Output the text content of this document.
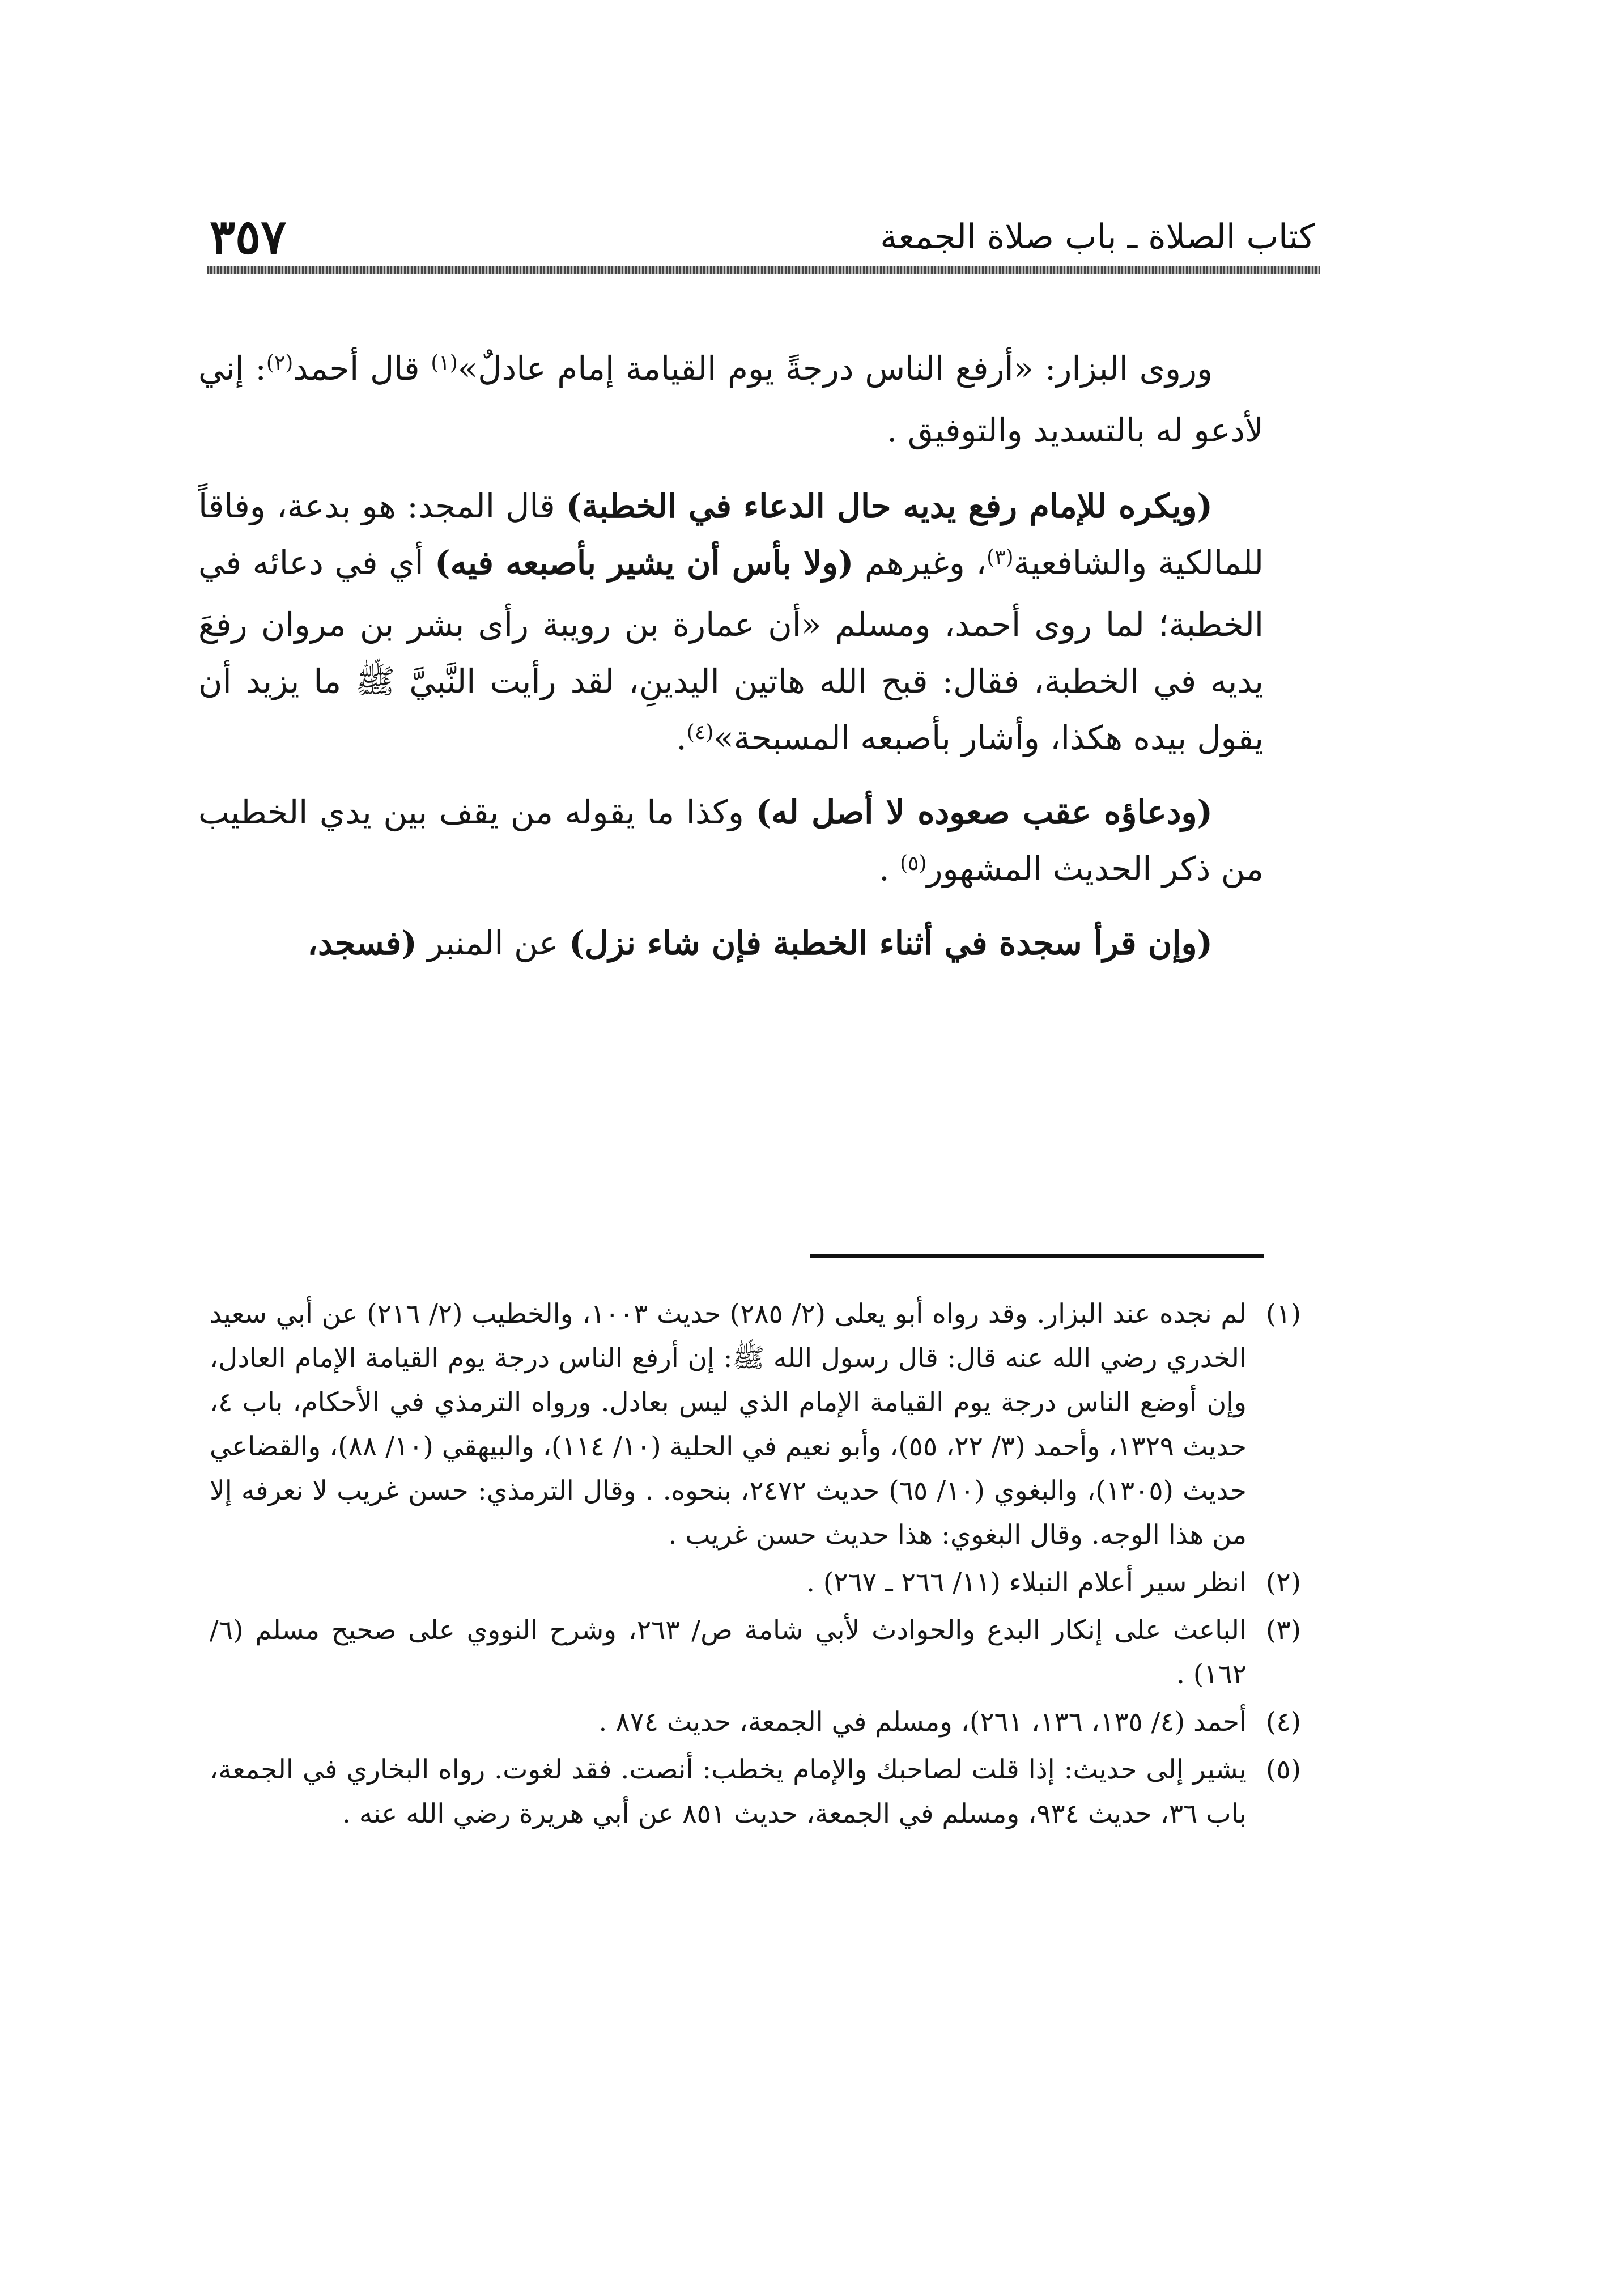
٣٥٧	كتاب الصلاة ـ باب صلاة الجمعة

وروى البزار: «أرفع الناس درجةً يوم القيامة إمام عادلٌ»$^{(١)}$ قال أحمد$^{(٢)}$: إني لأدعو له بالتسديد والتوفيق .

(ويكره للإمام رفع يديه حال الدعاء في الخطبة) قال المجد: هو بدعة، وفاقاً للمالكية والشافعية$^{(٣)}$، وغيرهم (ولا بأس أن يشير بأصبعه فيه) أي في دعائه في الخطبة؛ لما روى أحمد، ومسلم «أن عمارة بن رويبة رأى بشر بن مروان رفعَ يديه في الخطبة، فقال: قبح الله هاتين اليدينِ، لقد رأيت النَّبيَّ ﷺ ما يزيد أن يقول بيده هكذا، وأشار بأصبعه المسبحة»$^{(٤)}$.

(ودعاؤه عقب صعوده لا أصل له) وكذا ما يقوله من يقف بين يدي الخطيب من ذكر الحديث المشهور$^{(٥)}$ .

(وإن قرأ سجدة في أثناء الخطبة فإن شاء نزل) عن المنبر (فسجد،

(١)
لم نجده عند البزار. وقد رواه أبو يعلى (٢/ ٢٨٥) حديث ١٠٠٣، والخطيب (٢/ ٢١٦) عن أبي سعيد الخدري رضي الله عنه قال: قال رسول الله ﷺ: إن أرفع الناس درجة يوم القيامة الإمام العادل، وإن أوضع الناس درجة يوم القيامة الإمام الذي ليس بعادل. ورواه الترمذي في الأحكام، باب ٤، حديث ١٣٢٩، وأحمد (٣/ ٢٢، ٥٥)، وأبو نعيم في الحلية (١٠/ ١١٤)، والبيهقي (١٠/ ٨٨)، والقضاعي حديث (١٣٠٥)، والبغوي (١٠/ ٦٥) حديث ٢٤٧٢، بنحوه. . وقال الترمذي: حسن غريب لا نعرفه إلا من هذا الوجه. وقال البغوي: هذا حديث حسن غريب .
(٢)
انظر سير أعلام النبلاء (١١/ ٢٦٦ ـ ٢٦٧) .
(٣)
الباعث على إنكار البدع والحوادث لأبي شامة ص/ ٢٦٣، وشرح النووي على صحيح مسلم (٦/ ١٦٢) .
(٤)
أحمد (٤/ ١٣٥، ١٣٦، ٢٦١)، ومسلم في الجمعة، حديث ٨٧٤ .
(٥)
يشير إلى حديث: إذا قلت لصاحبك والإمام يخطب: أنصت. فقد لغوت. رواه البخاري في الجمعة، باب ٣٦، حديث ٩٣٤، ومسلم في الجمعة، حديث ٨٥١ عن أبي هريرة رضي الله عنه .
